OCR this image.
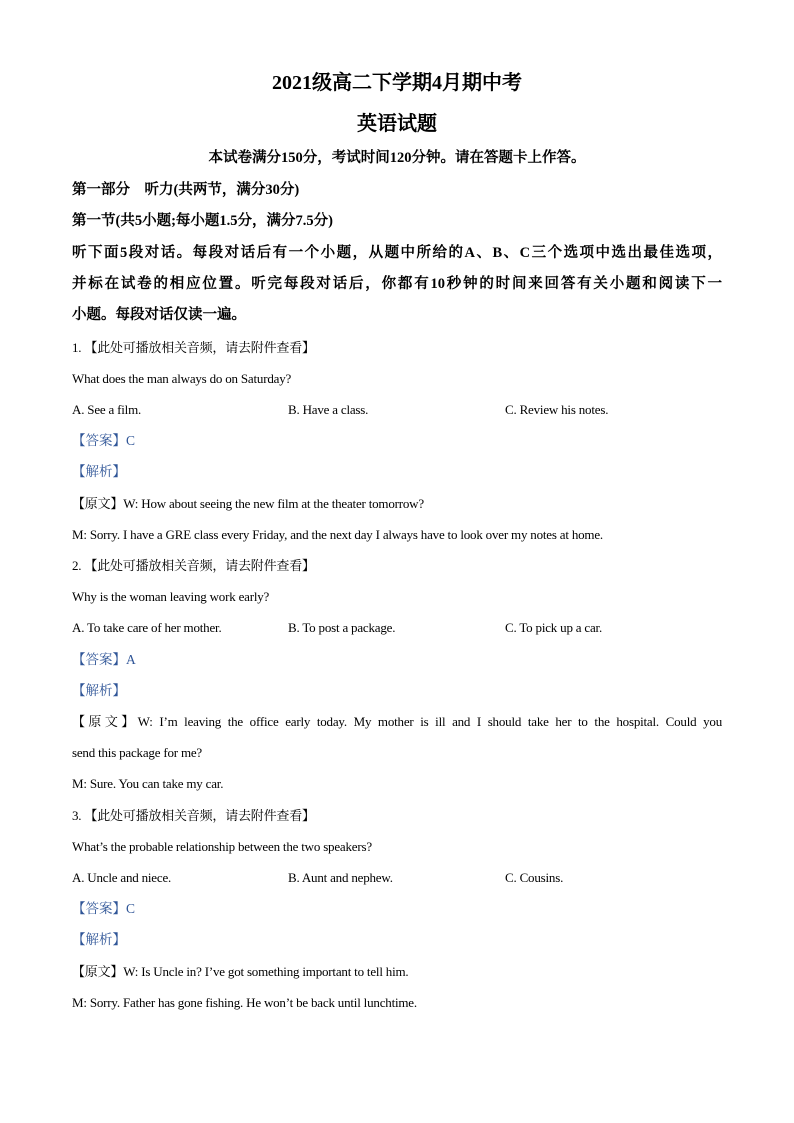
2021级高二下学期4月期中考
英语试题
本试卷满分150分，考试时间120分钟。请在答题卡上作答。
第一部分　听力(共两节，满分30分)
第一节(共5小题;每小题1.5分，满分7.5分)
听下面5段对话。每段对话后有一个小题，从题中所给的A、B、C三个选项中选出最佳选项，
并标在试卷的相应位置。听完每段对话后，你都有10秒钟的时间来回答有关小题和阅读下一
小题。每段对话仅读一遍。
1. 【此处可播放相关音频，请去附件查看】
What does the man always do on Saturday?
A. See a film.	B. Have a class.	C. Review his notes.
【答案】C
【解析】
【原文】W: How about seeing the new film at the theater tomorrow?
M: Sorry. I have a GRE class every Friday, and the next day I always have to look over my notes at home.
2. 【此处可播放相关音频，请去附件查看】
Why is the woman leaving work early?
A. To take care of her mother.	B. To post a package.	C. To pick up a car.
【答案】A
【解析】
【原文】W: I’m leaving the office early today. My mother is ill and I should take her to the hospital. Could you
send this package for me?
M: Sure. You can take my car.
3. 【此处可播放相关音频，请去附件查看】
What’s the probable relationship between the two speakers?
A. Uncle and niece.	B. Aunt and nephew.	C. Cousins.
【答案】C
【解析】
【原文】W: Is Uncle in? I’ve got something important to tell him.
M: Sorry. Father has gone fishing. He won’t be back until lunchtime.
